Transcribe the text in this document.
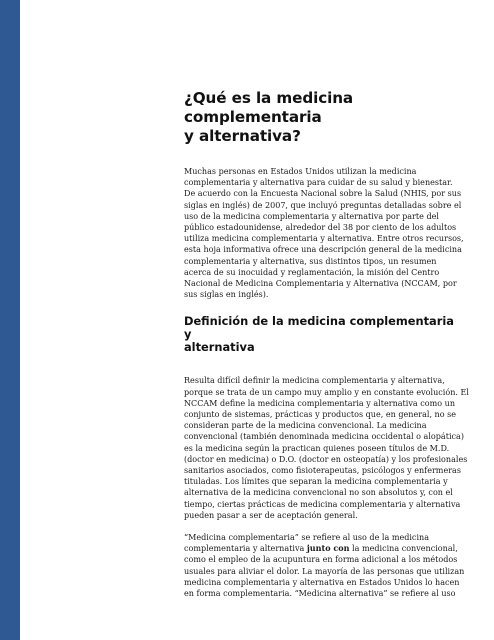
¿Qué es la medicina complementaria
y alternativa?

Muchas personas en Estados Unidos utilizan la medicina
complementaria y alternativa para cuidar de su salud y bienestar.
De acuerdo con la Encuesta Nacional sobre la Salud (NHIS, por sus
siglas en inglés) de 2007, que incluyó preguntas detalladas sobre el
uso de la medicina complementaria y alternativa por parte del
público estadounidense, alrededor del 38 por ciento de los adultos
utiliza medicina complementaria y alternativa. Entre otros recursos,
esta hoja informativa ofrece una descripción general de la medicina
complementaria y alternativa, sus distintos tipos, un resumen
acerca de su inocuidad y reglamentación, la misión del Centro
Nacional de Medicina Complementaria y Alternativa (NCCAM, por
sus siglas en inglés).

Definición de la medicina complementaria y
alternativa

Resulta difícil definir la medicina complementaria y alternativa,
porque se trata de un campo muy amplio y en constante evolución. El
NCCAM define la medicina complementaria y alternativa como un
conjunto de sistemas, prácticas y productos que, en general, no se
consideran parte de la medicina convencional. La medicina
convencional (también denominada medicina occidental o alopática)
es la medicina según la practican quienes poseen títulos de M.D.
(doctor en medicina) o D.O. (doctor en osteopatía) y los profesionales
sanitarios asociados, como fisioterapeutas, psicólogos y enfermeras
tituladas. Los límites que separan la medicina complementaria y
alternativa de la medicina convencional no son absolutos y, con el
tiempo, ciertas prácticas de medicina complementaria y alternativa
pueden pasar a ser de aceptación general.

“Medicina complementaria” se refiere al uso de la medicina
complementaria y alternativa junto con la medicina convencional,
como el empleo de la acupuntura en forma adicional a los métodos
usuales para aliviar el dolor. La mayoría de las personas que utilizan
medicina complementaria y alternativa en Estados Unidos lo hacen
en forma complementaria. “Medicina alternativa” se refiere al uso
